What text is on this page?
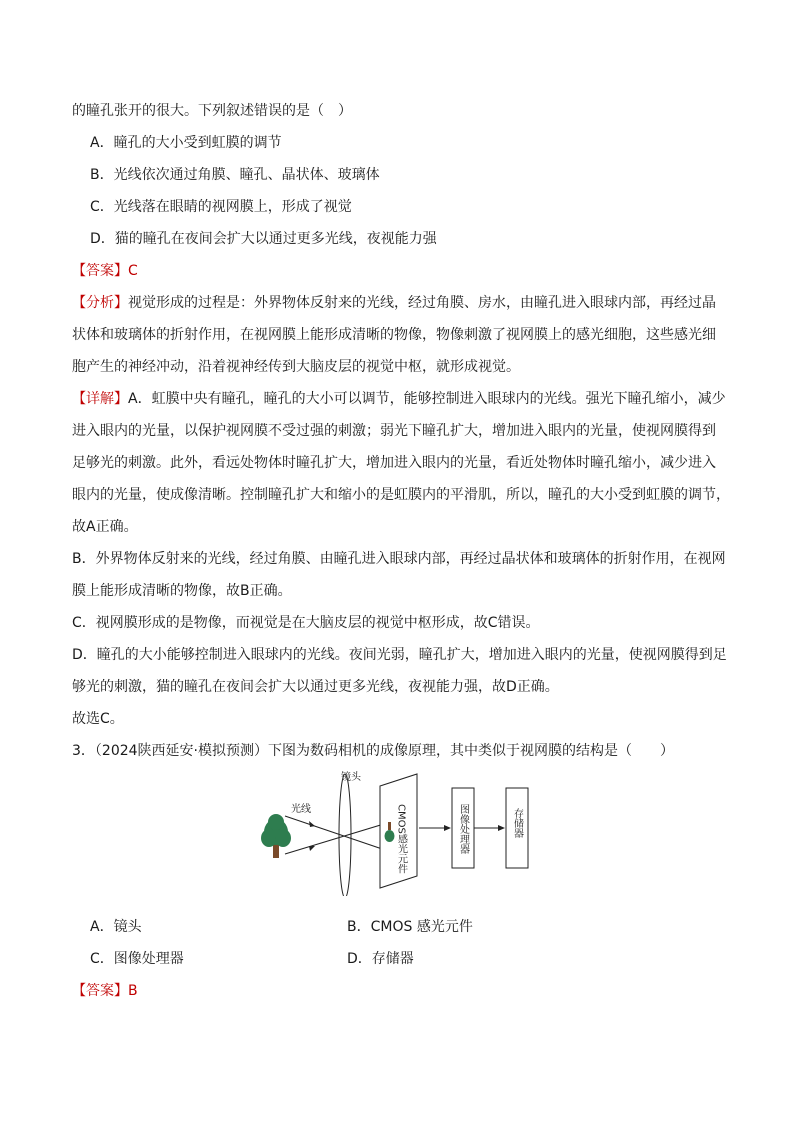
的瞳孔张开的很大。下列叙述错误的是（　）
A．瞳孔的大小受到虹膜的调节
B．光线依次通过角膜、瞳孔、晶状体、玻璃体
C．光线落在眼睛的视网膜上，形成了视觉
D．猫的瞳孔在夜间会扩大以通过更多光线，夜视能力强
【答案】C
【分析】视觉形成的过程是：外界物体反射来的光线，经过角膜、房水，由瞳孔进入眼球内部，再经过晶
状体和玻璃体的折射作用，在视网膜上能形成清晰的物像，物像刺激了视网膜上的感光细胞，这些感光细
胞产生的神经冲动，沿着视神经传到大脑皮层的视觉中枢，就形成视觉。
【详解】A．虹膜中央有瞳孔，瞳孔的大小可以调节，能够控制进入眼球内的光线。强光下瞳孔缩小，减少
进入眼内的光量，以保护视网膜不受过强的刺激；弱光下瞳孔扩大，增加进入眼内的光量，使视网膜得到
足够光的刺激。此外，看远处物体时瞳孔扩大，增加进入眼内的光量，看近处物体时瞳孔缩小，减少进入
眼内的光量，使成像清晰。控制瞳孔扩大和缩小的是虹膜内的平滑肌，所以，瞳孔的大小受到虹膜的调节，
故A正确。
B．外界物体反射来的光线，经过角膜、由瞳孔进入眼球内部，再经过晶状体和玻璃体的折射作用，在视网
膜上能形成清晰的物像，故B正确。
C．视网膜形成的是物像，而视觉是在大脑皮层的视觉中枢形成，故C错误。
D．瞳孔的大小能够控制进入眼球内的光线。夜间光弱，瞳孔扩大，增加进入眼内的光量，使视网膜得到足
够光的刺激，猫的瞳孔在夜间会扩大以通过更多光线，夜视能力强，故D正确。
故选C。
3．（2024陕西延安·模拟预测）下图为数码相机的成像原理，其中类似于视网膜的结构是（　　）
光线
镜头
CMOS感光元件	图像处理器	存储器
A．镜头	B．CMOS 感光元件
C．图像处理器	D．存储器
【答案】B
